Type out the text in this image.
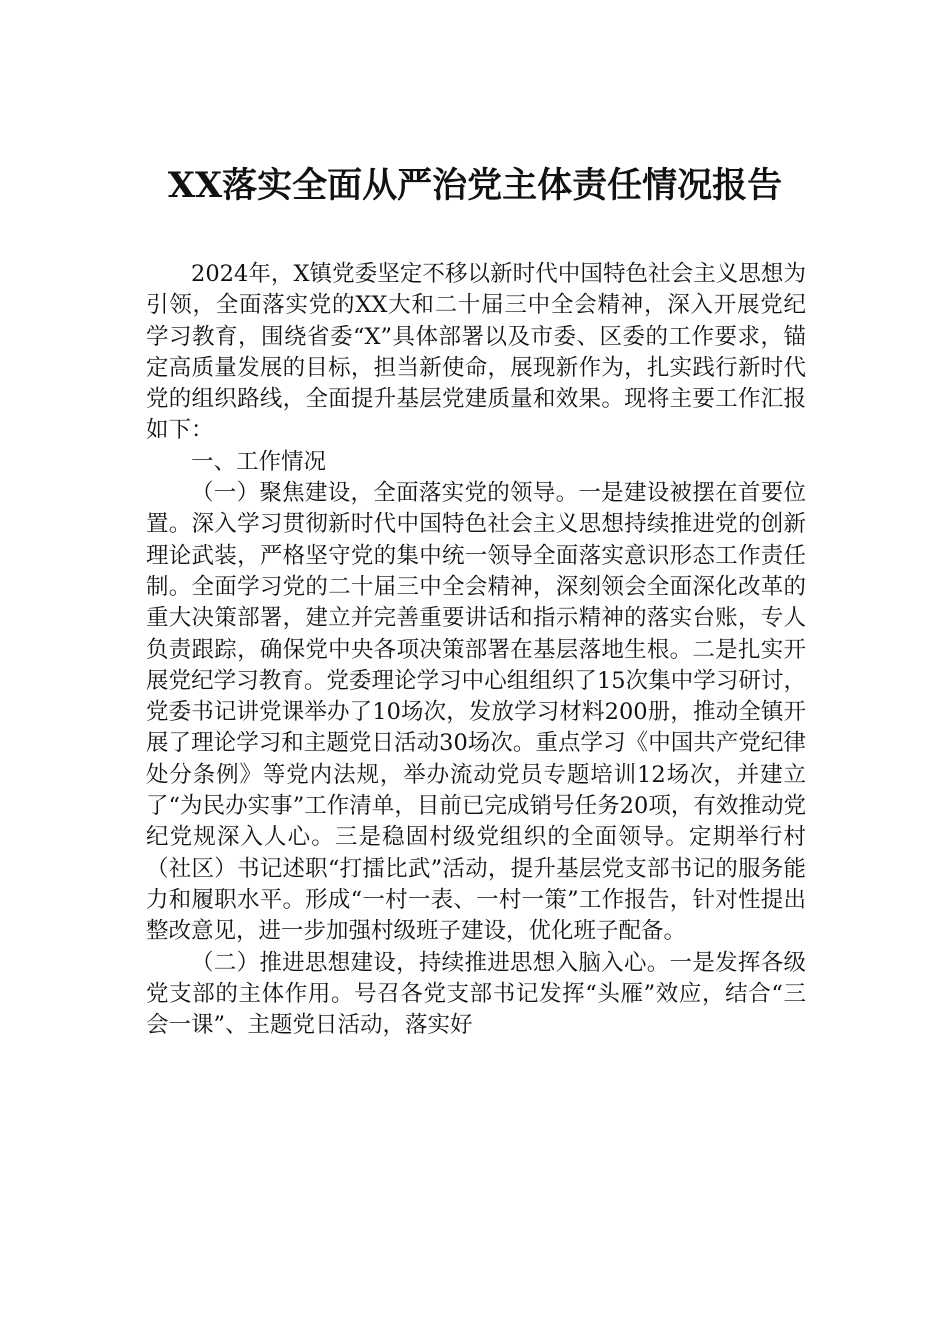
XX落实全面从严治党主体责任情况报告

2024年，X镇党委坚定不移以新时代中国特色社会主义思想为引领，全面落实党的XX大和二十届三中全会精神，深入开展党纪学习教育，围绕省委“X”具体部署以及市委、区委的工作要求，锚定高质量发展的目标，担当新使命，展现新作为，扎实践行新时代党的组织路线，全面提升基层党建质量和效果。现将主要工作汇报如下：

一、工作情况

（一）聚焦建设，全面落实党的领导。一是建设被摆在首要位置。深入学习贯彻新时代中国特色社会主义思想持续推进党的创新理论武装，严格坚守党的集中统一领导全面落实意识形态工作责任制。全面学习党的二十届三中全会精神，深刻领会全面深化改革的重大决策部署，建立并完善重要讲话和指示精神的落实台账，专人负责跟踪，确保党中央各项决策部署在基层落地生根。二是扎实开展党纪学习教育。党委理论学习中心组组织了15次集中学习研讨，党委书记讲党课举办了10场次，发放学习材料200册，推动全镇开展了理论学习和主题党日活动30场次。重点学习《中国共产党纪律处分条例》等党内法规，举办流动党员专题培训12场次，并建立了“为民办实事”工作清单，目前已完成销号任务20项，有效推动党纪党规深入人心。三是稳固村级党组织的全面领导。定期举行村（社区）书记述职“打擂比武”活动，提升基层党支部书记的服务能力和履职水平。形成“一村一表、一村一策”工作报告，针对性提出整改意见，进一步加强村级班子建设，优化班子配备。

（二）推进思想建设，持续推进思想入脑入心。一是发挥各级党支部的主体作用。号召各党支部书记发挥“头雁”效应，结合“三会一课”、主题党日活动，落实好
